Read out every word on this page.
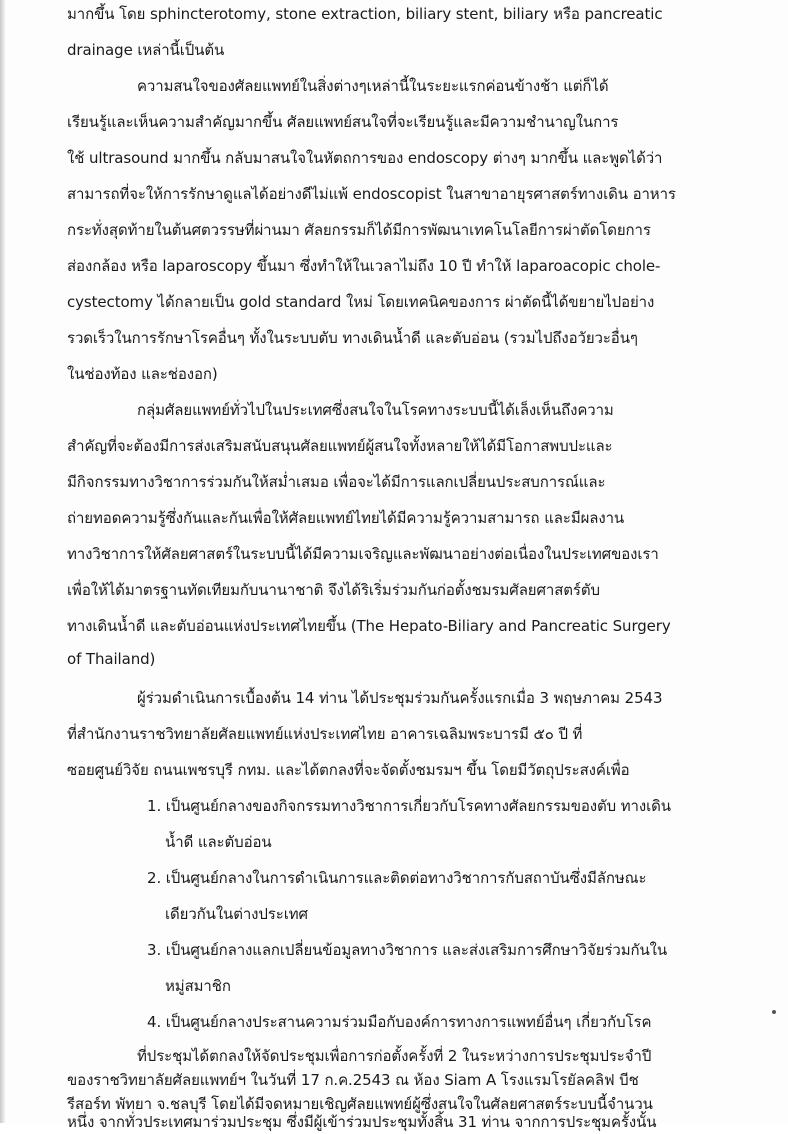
มากขึ้น โดย sphincterotomy, stone extraction, biliary stent, biliary หรือ pancreatic
drainage เหล่านี้เป็นต้น
ความสนใจของศัลยแพทย์ในสิ่งต่างๆเหล่านี้ในระยะแรกค่อนข้างช้า แต่ก็ได้
เรียนรู้และเห็นความสำคัญมากขึ้น ศัลยแพทย์สนใจที่จะเรียนรู้และมีความชำนาญในการ
ใช้ ultrasound มากขึ้น กลับมาสนใจในหัตถการของ endoscopy ต่างๆ มากขึ้น และพูดได้ว่า
สามารถที่จะให้การรักษาดูแลได้อย่างดีไม่แพ้ endoscopist ในสาขาอายุรศาสตร์ทางเดิน อาหาร
กระทั่งสุดท้ายในต้นศตวรรษที่ผ่านมา ศัลยกรรมก็ได้มีการพัฒนาเทคโนโลยีการผ่าตัดโดยการ
ส่องกล้อง หรือ laparoscopy ขึ้นมา ซึ่งทำให้ในเวลาไม่ถึง 10 ปี ทำให้ laparoacopic chole-
cystectomy ได้กลายเป็น gold standard ใหม่ โดยเทคนิคของการ ผ่าตัดนี้ได้ขยายไปอย่าง
รวดเร็วในการรักษาโรคอื่นๆ ทั้งในระบบตับ ทางเดินน้ำดี และตับอ่อน (รวมไปถึงอวัยวะอื่นๆ
ในช่องท้อง และช่องอก)
กลุ่มศัลยแพทย์ทั่วไปในประเทศซึ่งสนใจในโรคทางระบบนี้ได้เล็งเห็นถึงความ
สำคัญที่จะต้องมีการส่งเสริมสนับสนุนศัลยแพทย์ผู้สนใจทั้งหลายให้ได้มีโอกาสพบปะและ
มีกิจกรรมทางวิชาการร่วมกันให้สม่ำเสมอ เพื่อจะได้มีการแลกเปลี่ยนประสบการณ์และ
ถ่ายทอดความรู้ซึ่งกันและกันเพื่อให้ศัลยแพทย์ไทยได้มีความรู้ความสามารถ และมีผลงาน
ทางวิชาการให้ศัลยศาสตร์ในระบบนี้ได้มีความเจริญและพัฒนาอย่างต่อเนื่องในประเทศของเรา
เพื่อให้ได้มาตรฐานทัดเทียมกับนานาชาติ จึงได้ริเริ่มร่วมกันก่อตั้งชมรมศัลยศาสตร์ตับ
ทางเดินน้ำดี และตับอ่อนแห่งประเทศไทยขึ้น (The Hepato-Biliary and Pancreatic Surgery
of Thailand)
ผู้ร่วมดำเนินการเบื้องต้น 14 ท่าน ได้ประชุมร่วมกันครั้งแรกเมื่อ 3 พฤษภาคม 2543
ที่สำนักงานราชวิทยาลัยศัลยแพทย์แห่งประเทศไทย อาคารเฉลิมพระบารมี ๕๐ ปี ที่
ซอยศูนย์วิจัย ถนนเพชรบุรี กทม. และได้ตกลงที่จะจัดตั้งชมรมฯ ขึ้น โดยมีวัตถุประสงค์เพื่อ
1. เป็นศูนย์กลางของกิจกรรมทางวิชาการเกี่ยวกับโรคทางศัลยกรรมของตับ ทางเดิน
น้ำดี และตับอ่อน
2. เป็นศูนย์กลางในการดำเนินการและติดต่อทางวิชาการกับสถาบันซึ่งมีลักษณะ
เดียวกันในต่างประเทศ
3. เป็นศูนย์กลางแลกเปลี่ยนข้อมูลทางวิชาการ และส่งเสริมการศึกษาวิจัยร่วมกันใน
หมู่สมาชิก
4. เป็นศูนย์กลางประสานความร่วมมือกับองค์การทางการแพทย์อื่นๆ เกี่ยวกับโรค
ที่ประชุมได้ตกลงให้จัดประชุมเพื่อการก่อตั้งครั้งที่ 2 ในระหว่างการประชุมประจำปี
ของราชวิทยาลัยศัลยแพทย์ฯ ในวันที่ 17 ก.ค.2543 ณ ห้อง Siam A โรงแรมโรยัลคลิฟ บีช
รีสอร์ท พัทยา จ.ชลบุรี โดยได้มีจดหมายเชิญศัลยแพทย์ผู้ซึ่งสนใจในศัลยศาสตร์ระบบนี้จำนวน
หนึ่ง จากทั่วประเทศมาร่วมประชุม ซึ่งมีผู้เข้าร่วมประชุมทั้งสิ้น 31 ท่าน จากการประชุมครั้งนั้น
